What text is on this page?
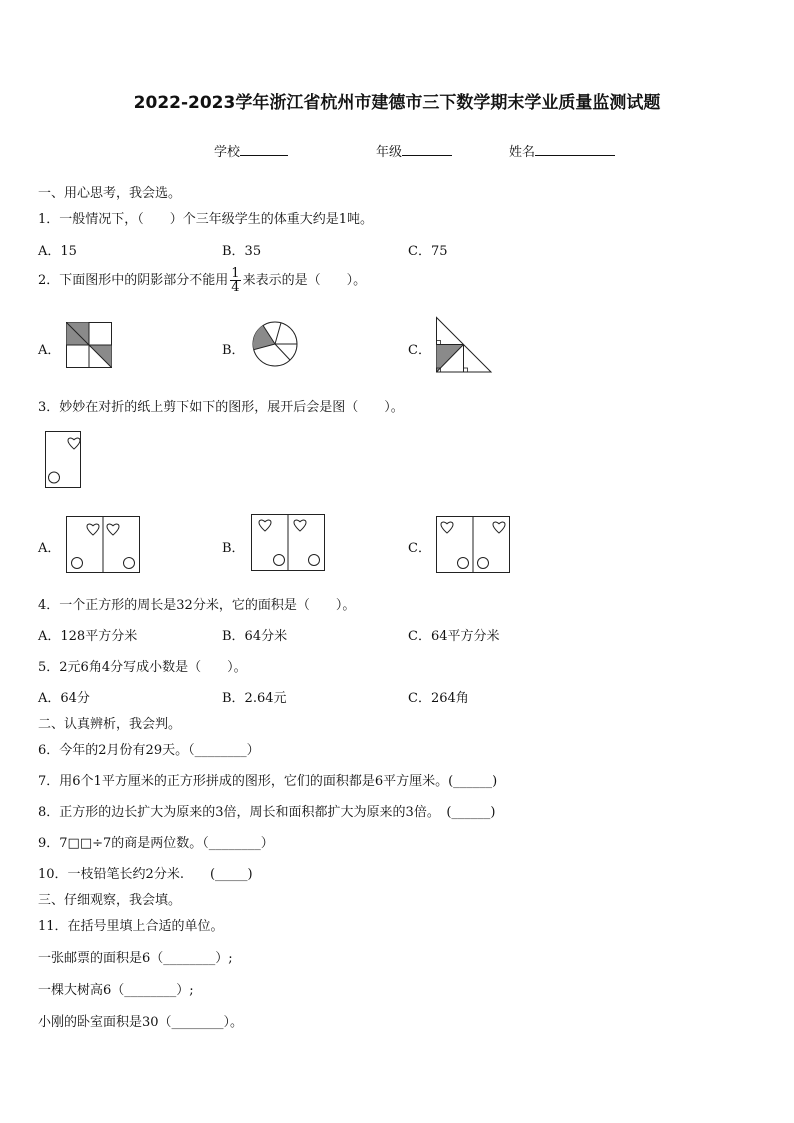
2022-2023学年浙江省杭州市建德市三下数学期末学业质量监测试题
学校	年级	姓名
一、用心思考，我会选。
1．一般情况下，（　　）个三年级学生的体重大约是1吨。
A．15	B．35	C．75
2．下面图形中的阴影部分不能用 $\frac{1}{4}$ 来表示的是（　　）。
A．	B．	C．
3．妙妙在对折的纸上剪下如下的图形，展开后会是图（　　）。
A．	B．	C．
4．一个正方形的周长是32分米，它的面积是（　　）。
A．128平方分米	B．64分米	C．64平方分米
5．2元6角4分写成小数是（　　）。
A．64分	B．2.64元	C．264角
二、认真辨析，我会判。
6．今年的2月份有29天。（________）
7．用6个1平方厘米的正方形拼成的图形，它们的面积都是6平方厘米。(______)
8．正方形的边长扩大为原来的3倍，周长和面积都扩大为原来的3倍。　(______)
9．7□□÷7的商是两位数。（________）
10．一枝铅笔长约2分米.　　(_____)
三、仔细观察，我会填。
11．在括号里填上合适的单位。
一张邮票的面积是6（________）;
一棵大树高6（________）;
小刚的卧室面积是30（________）。
